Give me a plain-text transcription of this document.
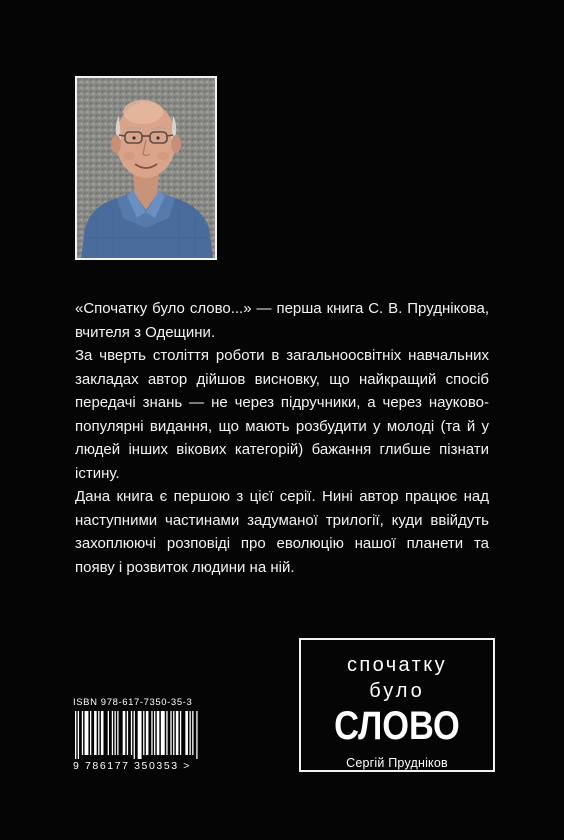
«Спочатку було слово...» — перша книга С. В. Пруднікова, вчителя з Одещини.

За чверть століття роботи в загальноосвітніх навчальних закладах автор дійшов висновку, що найкращий спосіб передачі знань — не через підручники, а через науково-популярні видання, що мають розбудити у молоді (та й у людей інших вікових категорій) бажання глибше пізнати істину.

Дана книга є першою з цієї серії. Нині автор працює над наступними частинами задуманої трилогії, куди ввійдуть захоплюючі розповіді про еволюцію нашої планети та появу і розвиток людини на ній.

ISBN 978-617-7350-35-3
9 786177 350353 >
спочатку
було
СЛОВО
Сергій Прудніков
